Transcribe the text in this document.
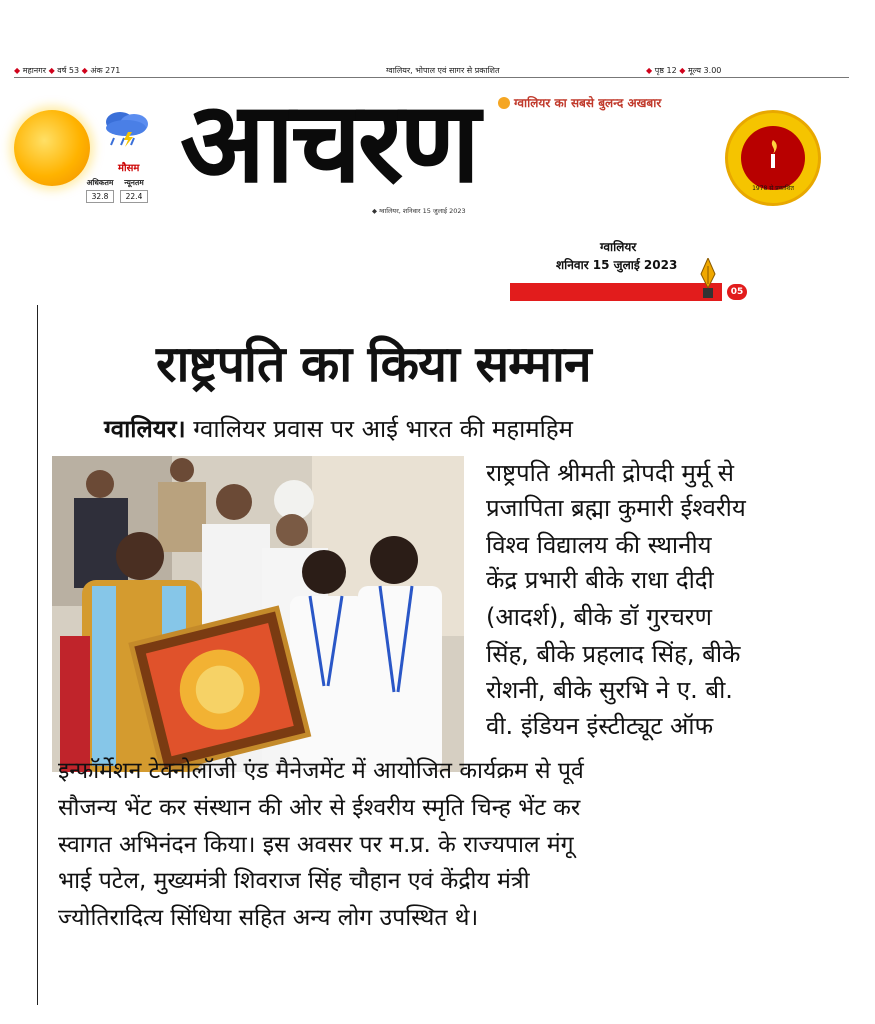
◆ महानगर ◆ वर्ष 53 ◆ अंक 271	ग्वालियर, भोपाल एवं सागर से प्रकाशित	◆ पृष्ठ 12 ◆ मूल्य 3.00
मौसम
अधिकतम
32.8
न्यूनतम
22.4 आचरण	ग्वालियर का सबसे बुलन्द अखबार
1978 से प्रकाशित
◆ ग्वालियर, शनिवार 15 जुलाई 2023
ग्वालियर
शनिवार 15 जुलाई 2023
05
राष्ट्रपति का किया सम्मान
ग्वालियर। ग्वालियर प्रवास पर आई भारत की महामहिम
राष्ट्रपति श्रीमती द्रोपदी मुर्मू से
प्रजापिता ब्रह्मा कुमारी ईश्वरीय
विश्व विद्यालय की स्थानीय
केंद्र प्रभारी बीके राधा दीदी
(आदर्श), बीके डॉ गुरचरण
सिंह, बीके प्रहलाद सिंह, बीके
रोशनी, बीके सुरभि ने ए. बी.
वी. इंडियन इंस्टीट्यूट ऑफ
इन्फॉर्मेशन टेक्नोलॉजी एंड मैनेजमेंट में आयोजित कार्यक्रम से पूर्व
सौजन्य भेंट कर संस्थान की ओर से ईश्वरीय स्मृति चिन्ह भेंट कर
स्वागत अभिनंदन किया। इस अवसर पर म.प्र. के राज्यपाल मंगू
भाई पटेल, मुख्यमंत्री शिवराज सिंह चौहान एवं केंद्रीय मंत्री
ज्योतिरादित्य सिंधिया सहित अन्य लोग उपस्थित थे।
